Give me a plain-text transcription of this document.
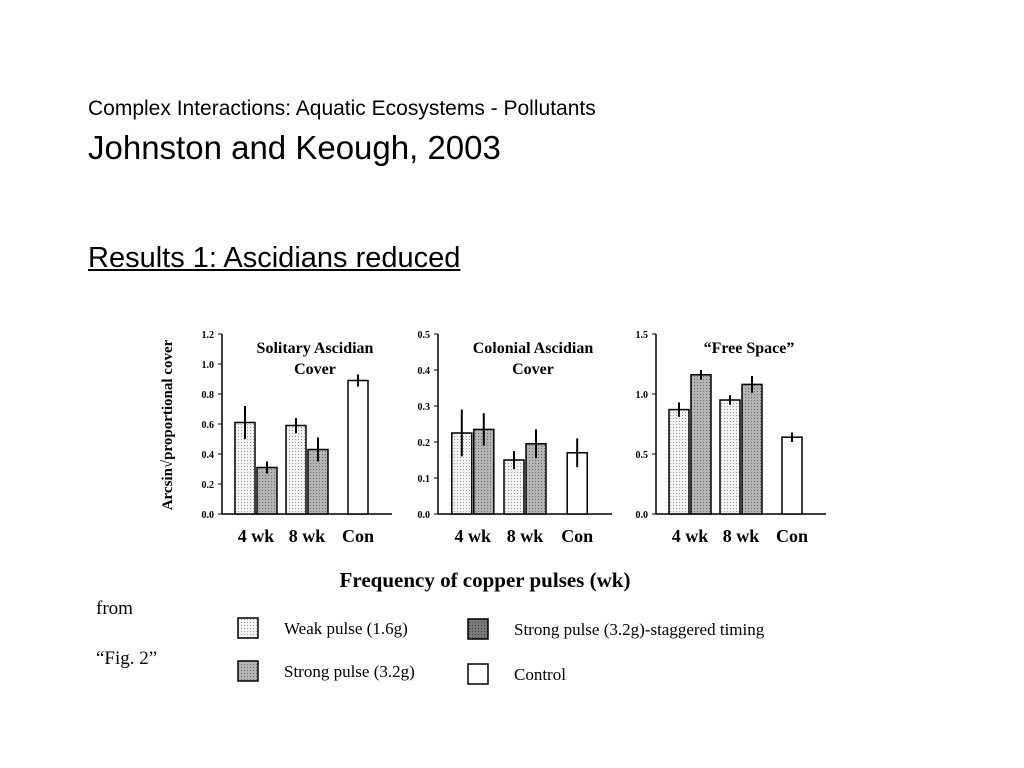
Complex Interactions: Aquatic Ecosystems - Pollutants
Johnston and Keough, 2003
Results 1: Ascidians reduced
from
“Fig. 2”
Arcsin√proportional cover
Frequency of copper pulses (wk)
0.0
0.2
0.4
0.6
0.8
1.0
1.2
Solitary Ascidian
Cover
4 wk 8 wk Con
0.0
0.1
0.2
0.3
0.4
0.5
Colonial Ascidian
Cover
4 wk 8 wk Con
0.0
0.5
1.0
1.5
“Free Space”
4 wk 8 wk Con
Weak pulse (1.6g)	Strong pulse (3.2g)-staggered timing
Strong pulse (3.2g)	Control
